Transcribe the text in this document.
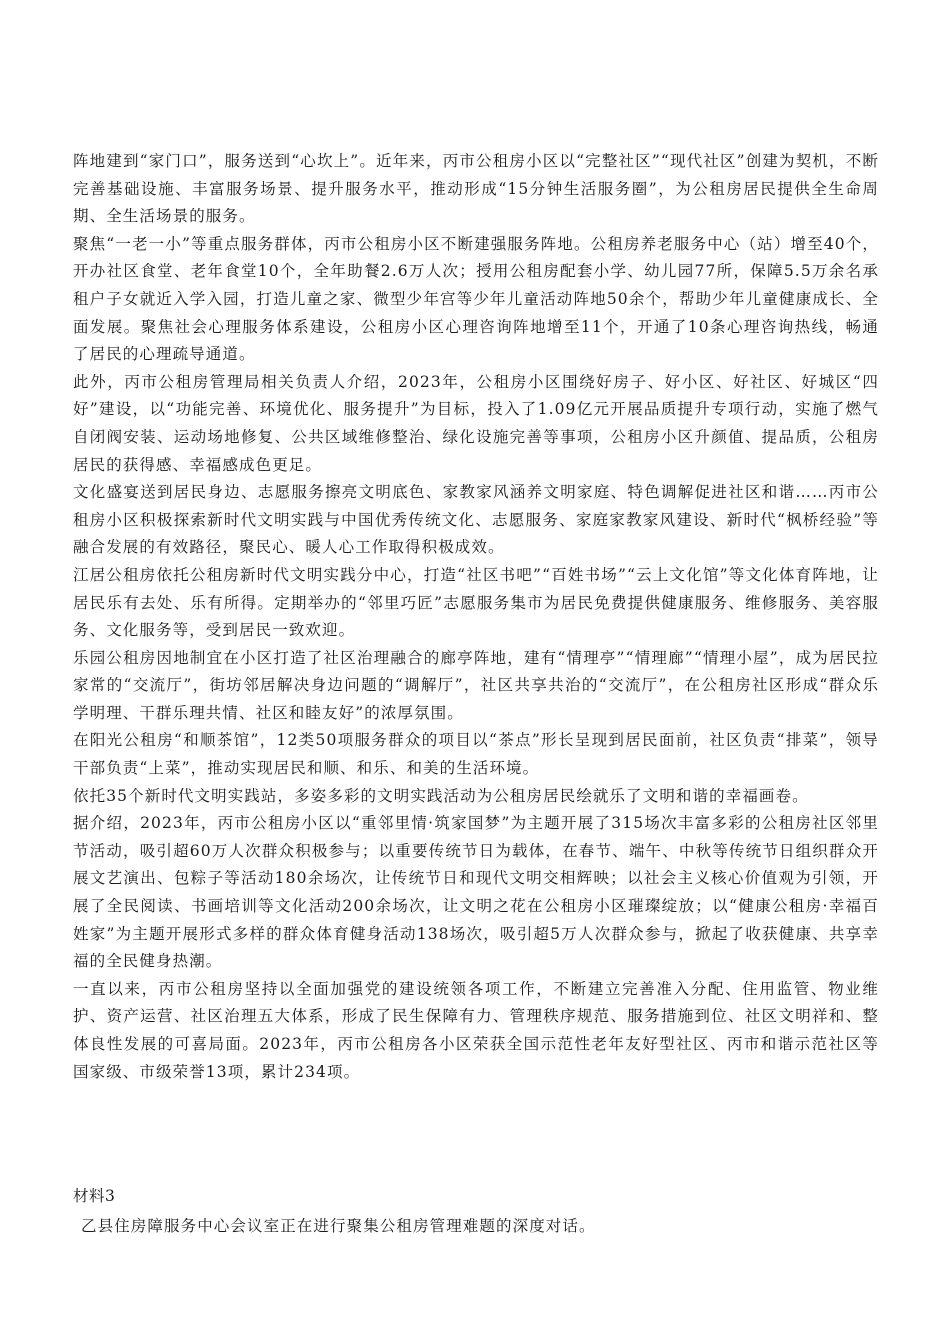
阵地建到“家门口”，服务送到“心坎上”。近年来，丙市公租房小区以“完整社区”“现代社区”创建为契机，不断完善基础设施、丰富服务场景、提升服务水平，推动形成“15分钟生活服务圈”，为公租房居民提供全生命周期、全生活场景的服务。

聚焦“一老一小”等重点服务群体，丙市公租房小区不断建强服务阵地。公租房养老服务中心（站）增至40个，开办社区食堂、老年食堂10个，全年助餐2.6万人次；授用公租房配套小学、幼儿园77所，保障5.5万余名承租户子女就近入学入园，打造儿童之家、微型少年宫等少年儿童活动阵地50余个，帮助少年儿童健康成长、全面发展。聚焦社会心理服务体系建设，公租房小区心理咨询阵地增至11个，开通了10条心理咨询热线，畅通了居民的心理疏导通道。

此外，丙市公租房管理局相关负责人介绍，2023年，公租房小区围绕好房子、好小区、好社区、好城区“四好”建设，以“功能完善、环境优化、服务提升”为目标，投入了1.09亿元开展品质提升专项行动，实施了燃气自闭阀安装、运动场地修复、公共区域维修整治、绿化设施完善等事项，公租房小区升颜值、提品质，公租房居民的获得感、幸福感成色更足。

文化盛宴送到居民身边、志愿服务擦亮文明底色、家教家风涵养文明家庭、特色调解促进社区和谐……丙市公租房小区积极探索新时代文明实践与中国优秀传统文化、志愿服务、家庭家教家风建设、新时代“枫桥经验”等融合发展的有效路径，聚民心、暖人心工作取得积极成效。

江居公租房依托公租房新时代文明实践分中心，打造“社区书吧”“百姓书场”“云上文化馆”等文化体育阵地，让居民乐有去处、乐有所得。定期举办的“邻里巧匠”志愿服务集市为居民免费提供健康服务、维修服务、美容服务、文化服务等，受到居民一致欢迎。

乐园公租房因地制宜在小区打造了社区治理融合的廊亭阵地，建有“情理亭”“情理廊”“情理小屋”，成为居民拉家常的“交流厅”，街坊邻居解决身边问题的“调解厅”，社区共享共治的“交流厅”，在公租房社区形成“群众乐学明理、干群乐理共情、社区和睦友好”的浓厚氛围。

在阳光公租房“和顺茶馆”，12类50项服务群众的项目以“茶点”形长呈现到居民面前，社区负责“排菜”，领导干部负责“上菜”，推动实现居民和顺、和乐、和美的生活环境。

依托35个新时代文明实践站，多姿多彩的文明实践活动为公租房居民绘就乐了文明和谐的幸福画卷。

据介绍，2023年，丙市公租房小区以“重邻里情·筑家国梦”为主题开展了315场次丰富多彩的公租房社区邻里节活动，吸引超60万人次群众积极参与；以重要传统节日为载体，在春节、端午、中秋等传统节日组织群众开展文艺演出、包粽子等活动180余场次，让传统节日和现代文明交相辉映；以社会主义核心价值观为引领，开展了全民阅读、书画培训等文化活动200余场次，让文明之花在公租房小区璀璨绽放；以“健康公租房·幸福百姓家”为主题开展形式多样的群众体育健身活动138场次，吸引超5万人次群众参与，掀起了收获健康、共享幸福的全民健身热潮。

一直以来，丙市公租房坚持以全面加强党的建设统领各项工作，不断建立完善准入分配、住用监管、物业维护、资产运营、社区治理五大体系，形成了民生保障有力、管理秩序规范、服务措施到位、社区文明祥和、整体良性发展的可喜局面。2023年，丙市公租房各小区荣获全国示范性老年友好型社区、丙市和谐示范社区等国家级、市级荣誉13项，累计234项。

材料3

乙县住房障服务中心会议室正在进行聚集公租房管理难题的深度对话。
